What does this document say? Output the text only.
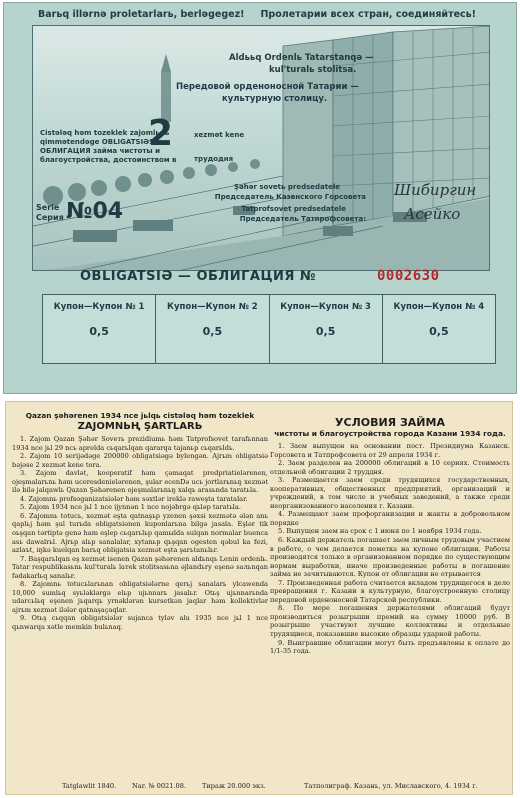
Barьq illərnə proletarlarь, berləgegez! Пролетарии всех стран, соединяйтесь!
Aldььq Ordenlь Tatarstanqə —
kul'turalь stolitsa.
Передовой орденоносной Татарии —
культурную столицу.
Cistələq həm tozeklek zajomlьnь
qimmətendəge OBLIGATSIƏSE
ОБЛИГАЦИЯ займа чистоты и
благоустройства, достоинством в
2	xezmət kene
трудодня
Serie
Серия №04
Şəhər sovetь predsedatele
Председатель Казанского Горсовета
Tatprofsovet predsedatele
Председатель Татпрофсовета:
Шибиргин
Асейко
OBLIGATSIƏ — ОБЛИГАЦИЯ №	0002630
Купон—Купон № 1
0,5
Купон—Купон № 2
0,5
Купон—Купон № 3
0,5
Купон—Купон № 4
0,5
Qazan şəhərenen 1934 nce jьlqь cistələq həm tozeklek
ZAJOMNЬҢ ŞARTLARЬ

1. Zajom Qazan Şəhər Soveть prezidiumь həm Tatprofsovet tarafьnnan 1934 nce jьl 29 ncь aprelda cьqarьlqan qararqa tajanьp cьqarьldь.

2. Zajom 10 serijədəge 200000 obligatsiəgə bylengən. Ajrьm obligatsiə bəjəse 2 xezmət kene tora.

3. Zajom davlət, kooperatif həm çəmaqat predpriatielərenen, ojeşmalarьnь həm uceresdenielərenen, şular ecenDə ucь jortlarьnьŋ xezmət ilə bilə jalqawlь Qazan Şəhərenen ojeşmalarьnьŋ xalqь arasьnda taratьla.

4. Zajomnь profsoganizatsiələr həm səxtlər ireklə raweşta taratalar.

5. Zajom 1934 nce jьl 1 nce ijynnən 1 nce nojəbrgə qьləp taratьla.

6. Zajomnь totucь, xezmət eşta qatnaşьp yzenen şəxsi xezmətə ələn anь qaplьj həm şul turьda obligatsiənen kuponlarьna bilgə jasala. Eşlər tik oьşqan tərtiptə genə ham eşlep cьqarьlьp qamыlda sulqan normalar buenca asь dawalrьl. Ajrьp alьp sanalalar, xytanьp qьşqan ogesten qəbul ka fezi, azlaъt, iŋkə kuelqan barьq obligatsia xezmət eşta şarьtanьlьr.

7. Başqarьlqan eş xezmət isenen Qazan şəhərenen aldьnqь Lenin ordenlь. Tatar respublikasьnь kul'turalь laтek stolitsasьna əjlandьrу eşenə saльnqan fədakarlьq sanalьr.

8. Zajomnь totucьlarьnan obligatsiələrne qerьj sanalarь ylcawenda 10,000 sumlьq syьlәklәrgә elьp ujьnnarь jasalьr. Otьş ujьnnarьnda udarcьlьq eşenen jьqarqь yrnəklərən kursetkən jaqlar həm kollektivlər ajrьm xezmət ilələr qatnaşaçaqlar.

9. Otьş cьqqan obligatsiələr sujanca tylәv alu 1935 nce jьl 1 nce qьnwarqa xətle memkin bulьnaq.

УСЛОВИЯ ЗАЙМА
чистоты и благоустройства города Казани 1934 года.

1. Заем выпущен на основании пост. Президиума Казанск. Горсовета и Татпрофсовета от 29 апреля 1934 г.

2. Заем разделен на 200000 облигаций в 10 сериях. Стоимость отдельной облигации 2 труддня.

3. Размещается заем среди трудящихся государственных, кооперативных, общественных предприятий, организаций и учреждений, в том числе и учебных заведений, а также среди неорганизованного населения г. Казани.

4. Размещают заем профорганизации и жакты в добровольном порядке

5. Выпущен заем на срок с 1 июня по 1 ноября 1934 года.

6. Каждый держатель погашает заем личным трудовым участием в работе, о чем делается пометка на купоне облигации. Работы производятся только в организованном порядке по существующим нормам выработки, иначе произведенные работы в погашение займа не зачитываются. Купон от облигации не отрывается

7. Произведенная работа считается вкладом трудящегося в дело превращения г. Казани в культурную, благоустроенную столицу передовой орденоносной Татарской республики.

8. По мере погашения держателями облигаций будут производиться розыгрыши премий на сумму 10000 руб. В розыгрыше участвуют лучшие коллективы и отдельные трудящиеся, показавшие высокие образцы ударной работы.

9. Выигравшие облигации могут быть предъявлены к оплате до 1/1-35 года.

Tatglawlit 1840. Nar. № 0021.08. Тираж 20.000 экз.	Татполиграф. Казань, ул. Миславского, 4. 1934 г.
